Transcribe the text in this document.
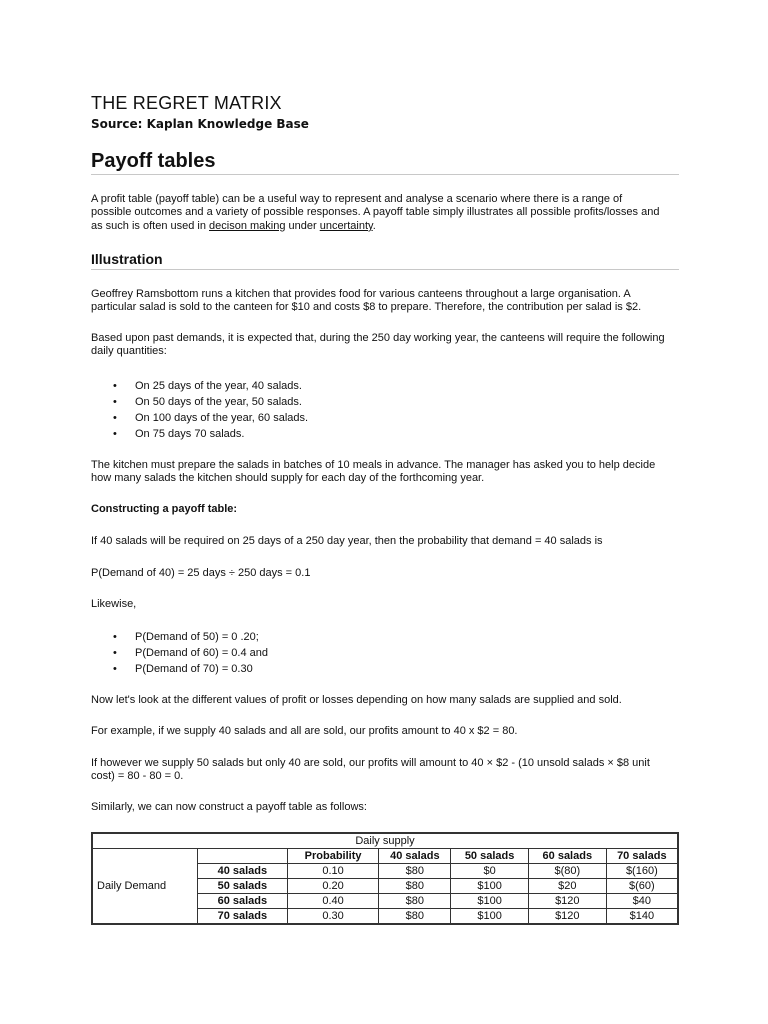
THE REGRET MATRIX
Source: Kaplan Knowledge Base
Payoff tables
A profit table (payoff table) can be a useful way to represent and analyse a scenario where there is a range of
possible outcomes and a variety of possible responses. A payoff table simply illustrates all possible profits/losses and
as such is often used in decison making under uncertainty.
Illustration
Geoffrey Ramsbottom runs a kitchen that provides food for various canteens throughout a large organisation. A
particular salad is sold to the canteen for $10 and costs $8 to prepare. Therefore, the contribution per salad is $2.
Based upon past demands, it is expected that, during the 250 day working year, the canteens will require the following
daily quantities:
• On 25 days of the year, 40 salads.
• On 50 days of the year, 50 salads.
• On 100 days of the year, 60 salads.
• On 75 days 70 salads.
The kitchen must prepare the salads in batches of 10 meals in advance. The manager has asked you to help decide
how many salads the kitchen should supply for each day of the forthcoming year.
Constructing a payoff table:
If 40 salads will be required on 25 days of a 250 day year, then the probability that demand = 40 salads is
P(Demand of 40) = 25 days ÷ 250 days = 0.1
Likewise,
• P(Demand of 50) = 0 .20;
• P(Demand of 60) = 0.4 and
• P(Demand of 70) = 0.30
Now let's look at the different values of profit or losses depending on how many salads are supplied and sold.
For example, if we supply 40 salads and all are sold, our profits amount to 40 x $2 = 80.
If however we supply 50 salads but only 40 are sold, our profits will amount to 40 × $2 - (10 unsold salads × $8 unit
cost) = 80 - 80 = 0.
Similarly, we can now construct a payoff table as follows:
Daily supply						
Daily Demand		Probability	40 salads	50 salads	60 salads	70 salads
	40 salads	0.10	$80	$0	$(80)	$(160)
	50 salads	0.20	$80	$100	$20	$(60)
	60 salads	0.40	$80	$100	$120	$40
	70 salads	0.30	$80	$100	$120	$140
